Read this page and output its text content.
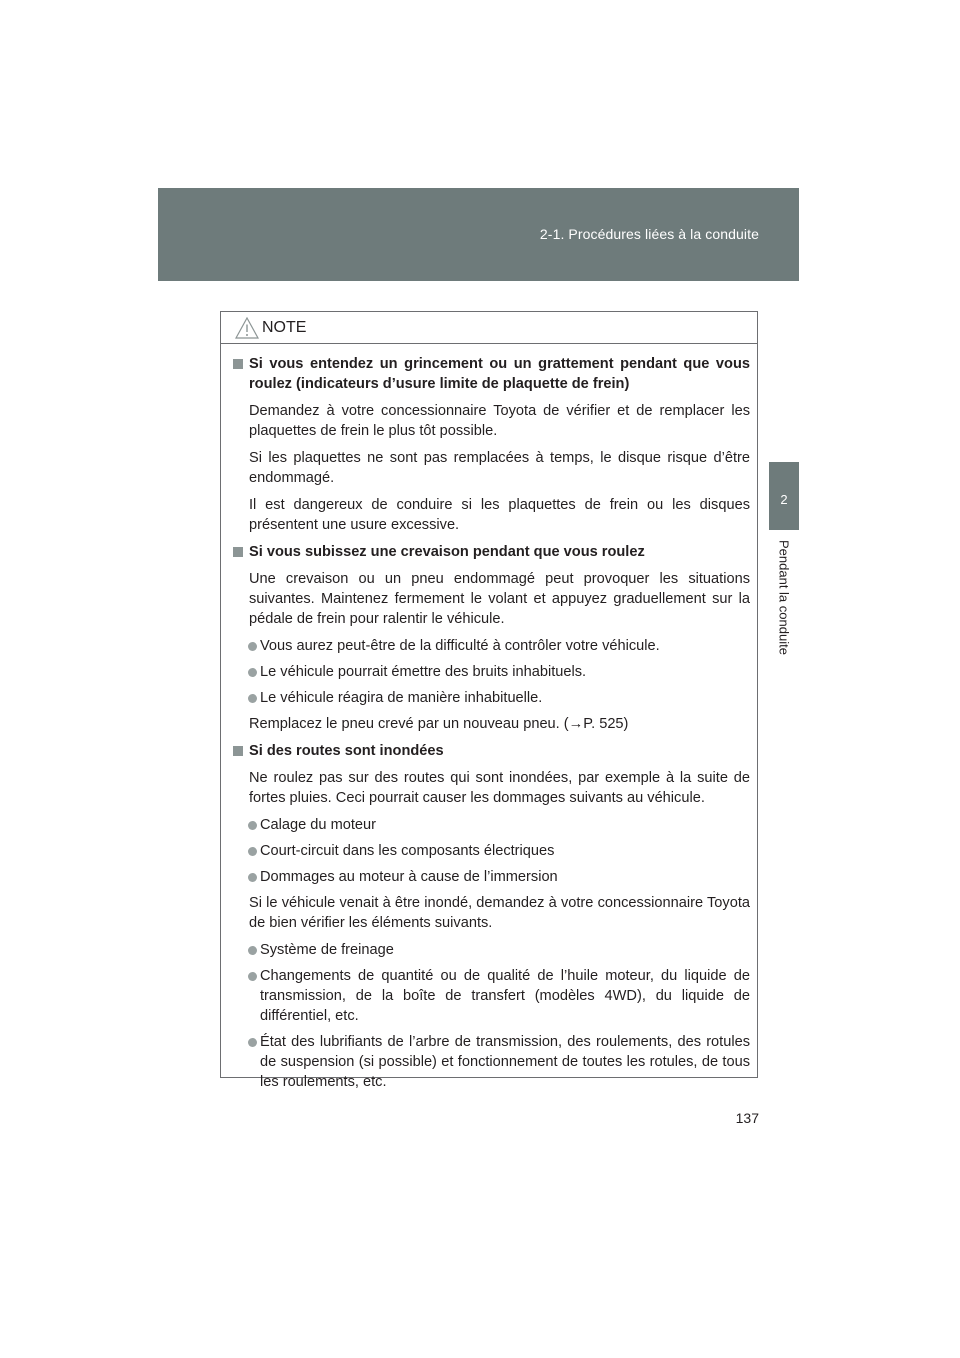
2-1. Procédures liées à la conduite
2
Pendant la conduite
NOTE
Si vous entendez un grincement ou un grattement pendant que vous roulez (indicateurs d’usure limite de plaquette de frein)
Demandez à votre concessionnaire Toyota de vérifier et de remplacer les plaquettes de frein le plus tôt possible.
Si les plaquettes ne sont pas remplacées à temps, le disque risque d’être endommagé.
Il est dangereux de conduire si les plaquettes de frein ou les disques présentent une usure excessive.
Si vous subissez une crevaison pendant que vous roulez
Une crevaison ou un pneu endommagé peut provoquer les situations suivantes. Maintenez fermement le volant et appuyez graduellement sur la pédale de frein pour ralentir le véhicule.
Vous aurez peut-être de la difficulté à contrôler votre véhicule.
Le véhicule pourrait émettre des bruits inhabituels.
Le véhicule réagira de manière inhabituelle.
Remplacez le pneu crevé par un nouveau pneu. (→P. 525)
Si des routes sont inondées
Ne roulez pas sur des routes qui sont inondées, par exemple à la suite de fortes pluies. Ceci pourrait causer les dommages suivants au véhicule.
Calage du moteur
Court-circuit dans les composants électriques
Dommages au moteur à cause de l’immersion
Si le véhicule venait à être inondé, demandez à votre concessionnaire Toyota de bien vérifier les éléments suivants.
Système de freinage
Changements de quantité ou de qualité de l’huile moteur, du liquide de transmission, de la boîte de transfert (modèles 4WD), du liquide de différentiel, etc.
État des lubrifiants de l’arbre de transmission, des roulements, des rotules de suspension (si possible) et fonctionnement de toutes les rotules, de tous les roulements, etc.
137
